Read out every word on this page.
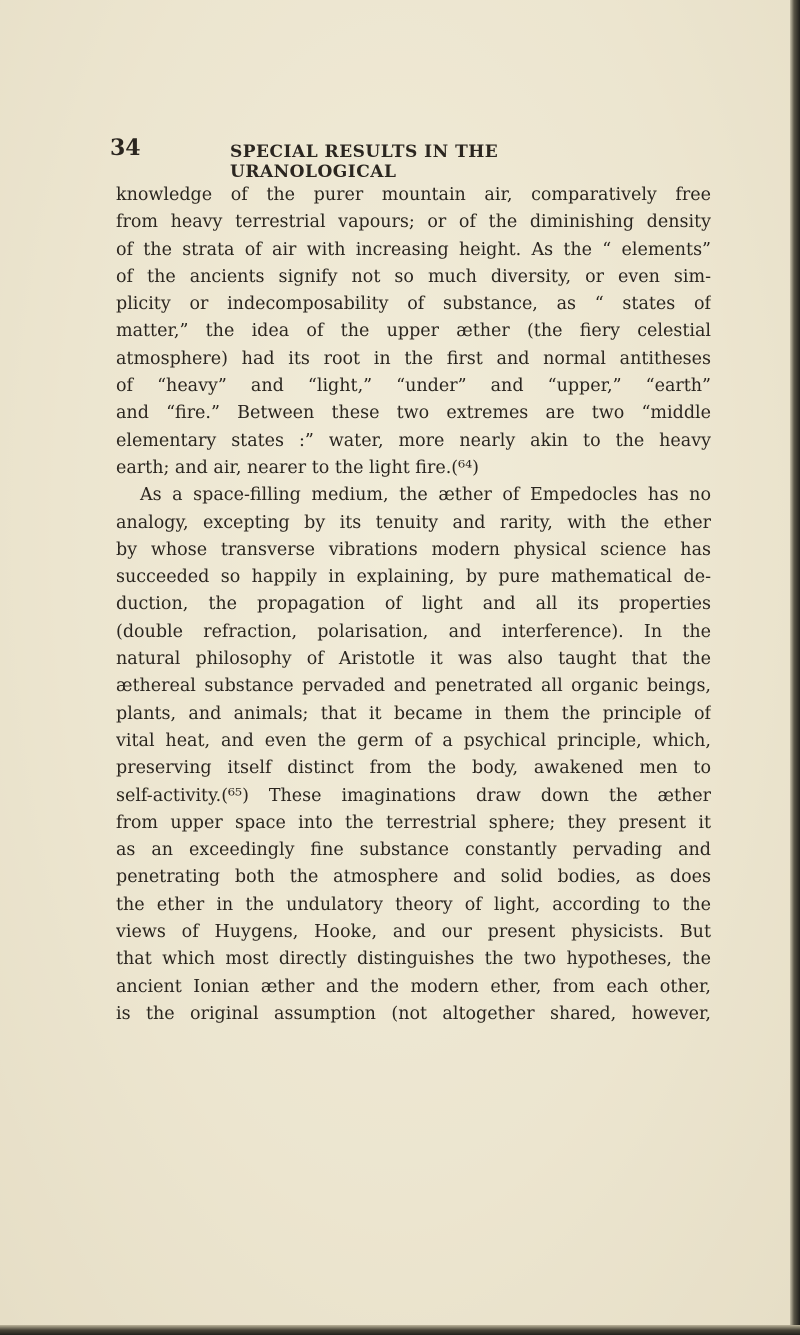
34	SPECIAL RESULTS IN THE URANOLOGICAL
knowledge of the purer mountain air, comparatively free
from heavy terrestrial vapours; or of the diminishing density
of the strata of air with increasing height. As the “ elements”
of the ancients signify not so much diversity, or even sim-
plicity or indecomposability of substance, as “ states of
matter,” the idea of the upper æther (the fiery celestial
atmosphere) had its root in the first and normal antitheses
of “heavy” and “light,” “under” and “upper,” “earth”
and “fire.” Between these two extremes are two “middle
elementary states :” water, more nearly akin to the heavy
earth; and air, nearer to the light fire.(⁶⁴)
As a space-filling medium, the æther of Empedocles has no
analogy, excepting by its tenuity and rarity, with the ether
by whose transverse vibrations modern physical science has
succeeded so happily in explaining, by pure mathematical de-
duction, the propagation of light and all its properties
(double refraction, polarisation, and interference). In the
natural philosophy of Aristotle it was also taught that the
æthereal substance pervaded and penetrated all organic beings,
plants, and animals; that it became in them the principle of
vital heat, and even the germ of a psychical principle, which,
preserving itself distinct from the body, awakened men to
self-activity.(⁶⁵) These imaginations draw down the æther
from upper space into the terrestrial sphere; they present it
as an exceedingly fine substance constantly pervading and
penetrating both the atmosphere and solid bodies, as does
the ether in the undulatory theory of light, according to the
views of Huygens, Hooke, and our present physicists. But
that which most directly distinguishes the two hypotheses, the
ancient Ionian æther and the modern ether, from each other,
is the original assumption (not altogether shared, however,
